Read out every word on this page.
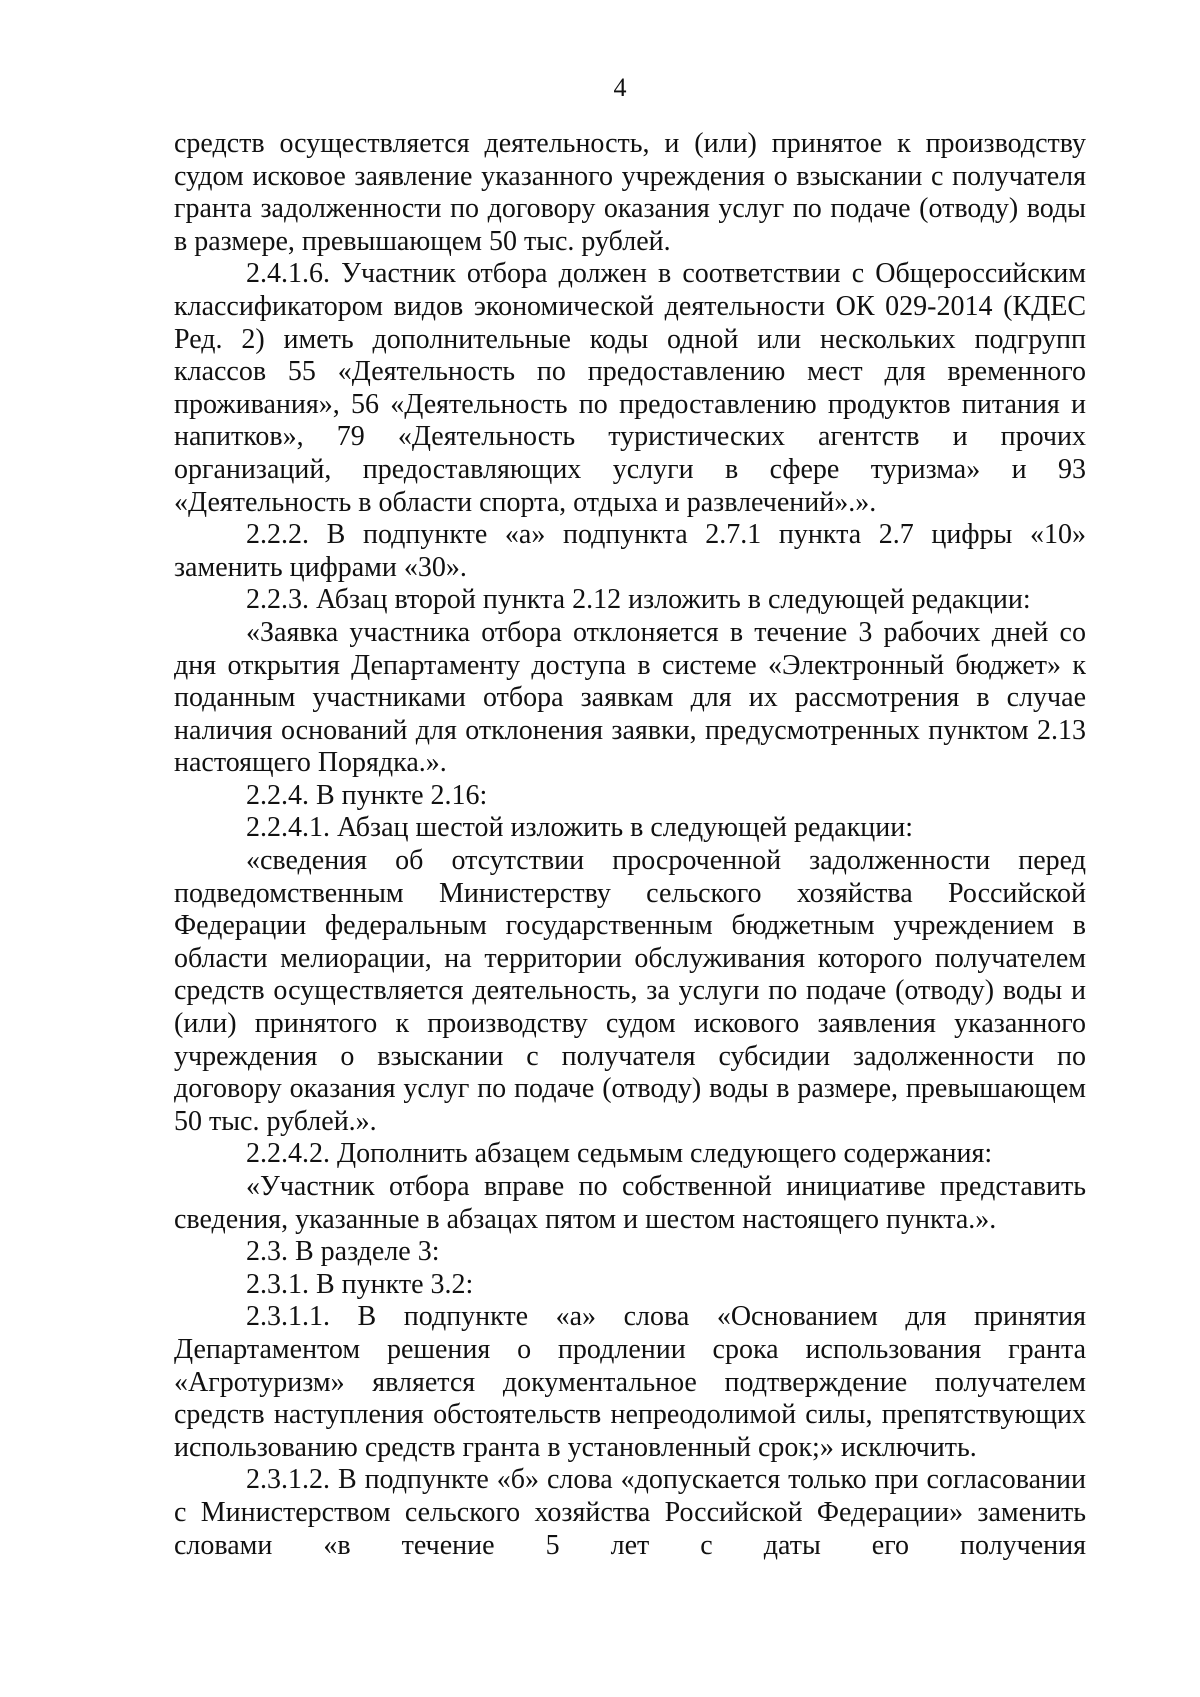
4

средств осуществляется деятельность, и (или) принятое к производству судом исковое заявление указанного учреждения о взыскании с получателя гранта задолженности по договору оказания услуг по подаче (отводу) воды в размере, превышающем 50 тыс. рублей.

2.4.1.6. Участник отбора должен в соответствии с Общероссийским классификатором видов экономической деятельности ОК 029-2014 (КДЕС Ред. 2) иметь дополнительные коды одной или нескольких подгрупп классов 55 «Деятельность по предоставлению мест для временного проживания», 56 «Деятельность по предоставлению продуктов питания и напитков», 79 «Деятельность туристических агентств и прочих организаций, предоставляющих услуги в сфере туризма» и 93 «Деятельность в области спорта, отдыха и развлечений».».

2.2.2. В подпункте «а» подпункта 2.7.1 пункта 2.7 цифры «10» заменить цифрами «30».

2.2.3. Абзац второй пункта 2.12 изложить в следующей редакции:

«Заявка участника отбора отклоняется в течение 3 рабочих дней со дня открытия Департаменту доступа в системе «Электронный бюджет» к поданным участниками отбора заявкам для их рассмотрения в случае наличия оснований для отклонения заявки, предусмотренных пунктом 2.13 настоящего Порядка.».

2.2.4. В пункте 2.16:

2.2.4.1. Абзац шестой изложить в следующей редакции:

«сведения об отсутствии просроченной задолженности перед подведомственным Министерству сельского хозяйства Российской Федерации федеральным государственным бюджетным учреждением в области мелиорации, на территории обслуживания которого получателем средств осуществляется деятельность, за услуги по подаче (отводу) воды и (или) принятого к производству судом искового заявления указанного учреждения о взыскании с получателя субсидии задолженности по договору оказания услуг по подаче (отводу) воды в размере, превышающем 50 тыс. рублей.».

2.2.4.2. Дополнить абзацем седьмым следующего содержания:

«Участник отбора вправе по собственной инициативе представить сведения, указанные в абзацах пятом и шестом настоящего пункта.».

2.3. В разделе 3:

2.3.1. В пункте 3.2:

2.3.1.1. В подпункте «а» слова «Основанием для принятия Департаментом решения о продлении срока использования гранта «Агротуризм» является документальное подтверждение получателем средств наступления обстоятельств непреодолимой силы, препятствующих использованию средств гранта в установленный срок;» исключить.

2.3.1.2. В подпункте «б» слова «допускается только при согласовании с Министерством сельского хозяйства Российской Федерации» заменить словами «в течение 5 лет с даты его получения
